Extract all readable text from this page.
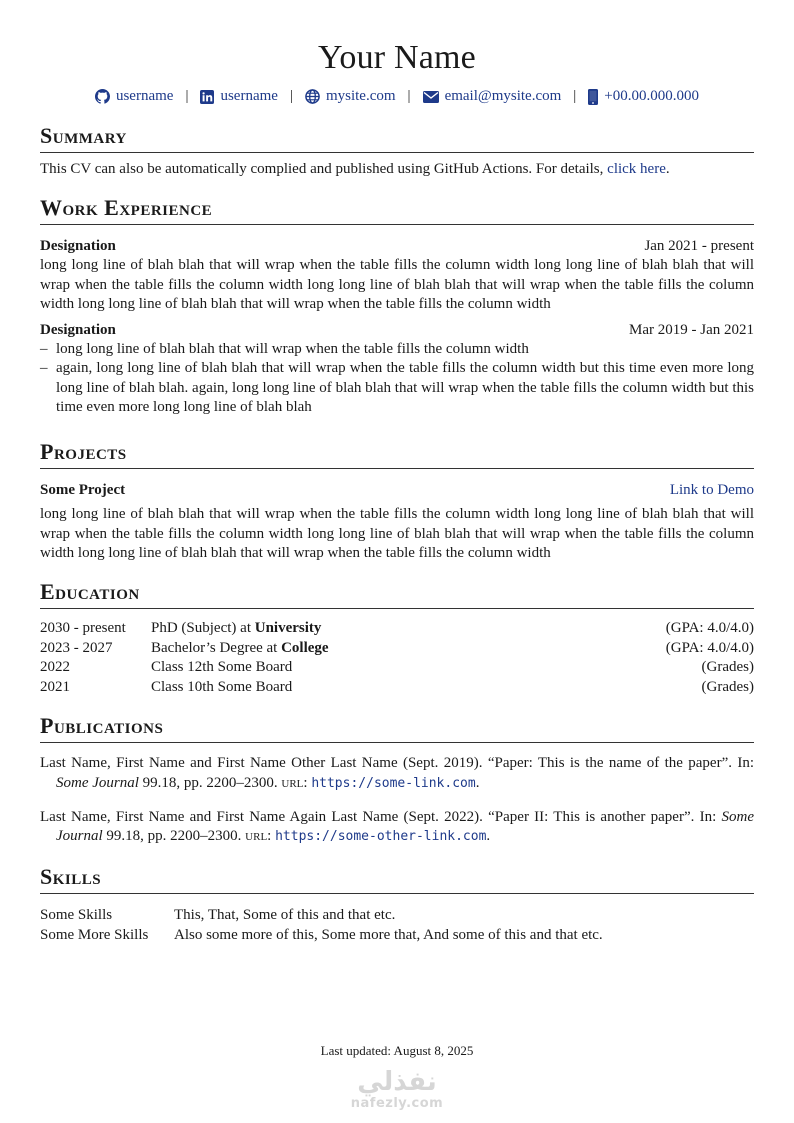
Your Name
username | username | mysite.com | email@mysite.com | +00.00.000.000
Summary

This CV can also be automatically complied and published using GitHub Actions. For details, click here.

Work Experience
Designation	Jan 2021 - present

long long line of blah blah that will wrap when the table fills the column width long long line of blah blah that will wrap when the table fills the column width long long line of blah blah that will wrap when the table fills the column width long long line of blah blah that will wrap when the table fills the column width

Designation	Mar 2019 - Jan 2021
– long long line of blah blah that will wrap when the table fills the column width
– again, long long line of blah blah that will wrap when the table fills the column width but this time even more long long line of blah blah. again, long long line of blah blah that will wrap when the table fills the column width but this time even more long long line of blah blah
Projects
Some Project	Link to Demo

long long line of blah blah that will wrap when the table fills the column width long long line of blah blah that will wrap when the table fills the column width long long line of blah blah that will wrap when the table fills the column width long long line of blah blah that will wrap when the table fills the column width

Education
2030 - present	PhD (Subject) at University	(GPA: 4.0/4.0)
2023 - 2027	Bachelor’s Degree at College	(GPA: 4.0/4.0)
2022	Class 12th Some Board	(Grades)
2021	Class 10th Some Board	(Grades)
Publications

Last Name, First Name and First Name Other Last Name (Sept. 2019). “Paper: This is the name of the paper”. In: Some Journal 99.18, pp. 2200–2300. url: https://some-link.com.

Last Name, First Name and First Name Again Last Name (Sept. 2022). “Paper II: This is another paper”. In: Some Journal 99.18, pp. 2200–2300. url: https://some-other-link.com.

Skills
Some Skills	This, That, Some of this and that etc.
Some More Skills	Also some more of this, Some more that, And some of this and that etc.
Last updated: August 8, 2025
نفذلي
nafezly.com
